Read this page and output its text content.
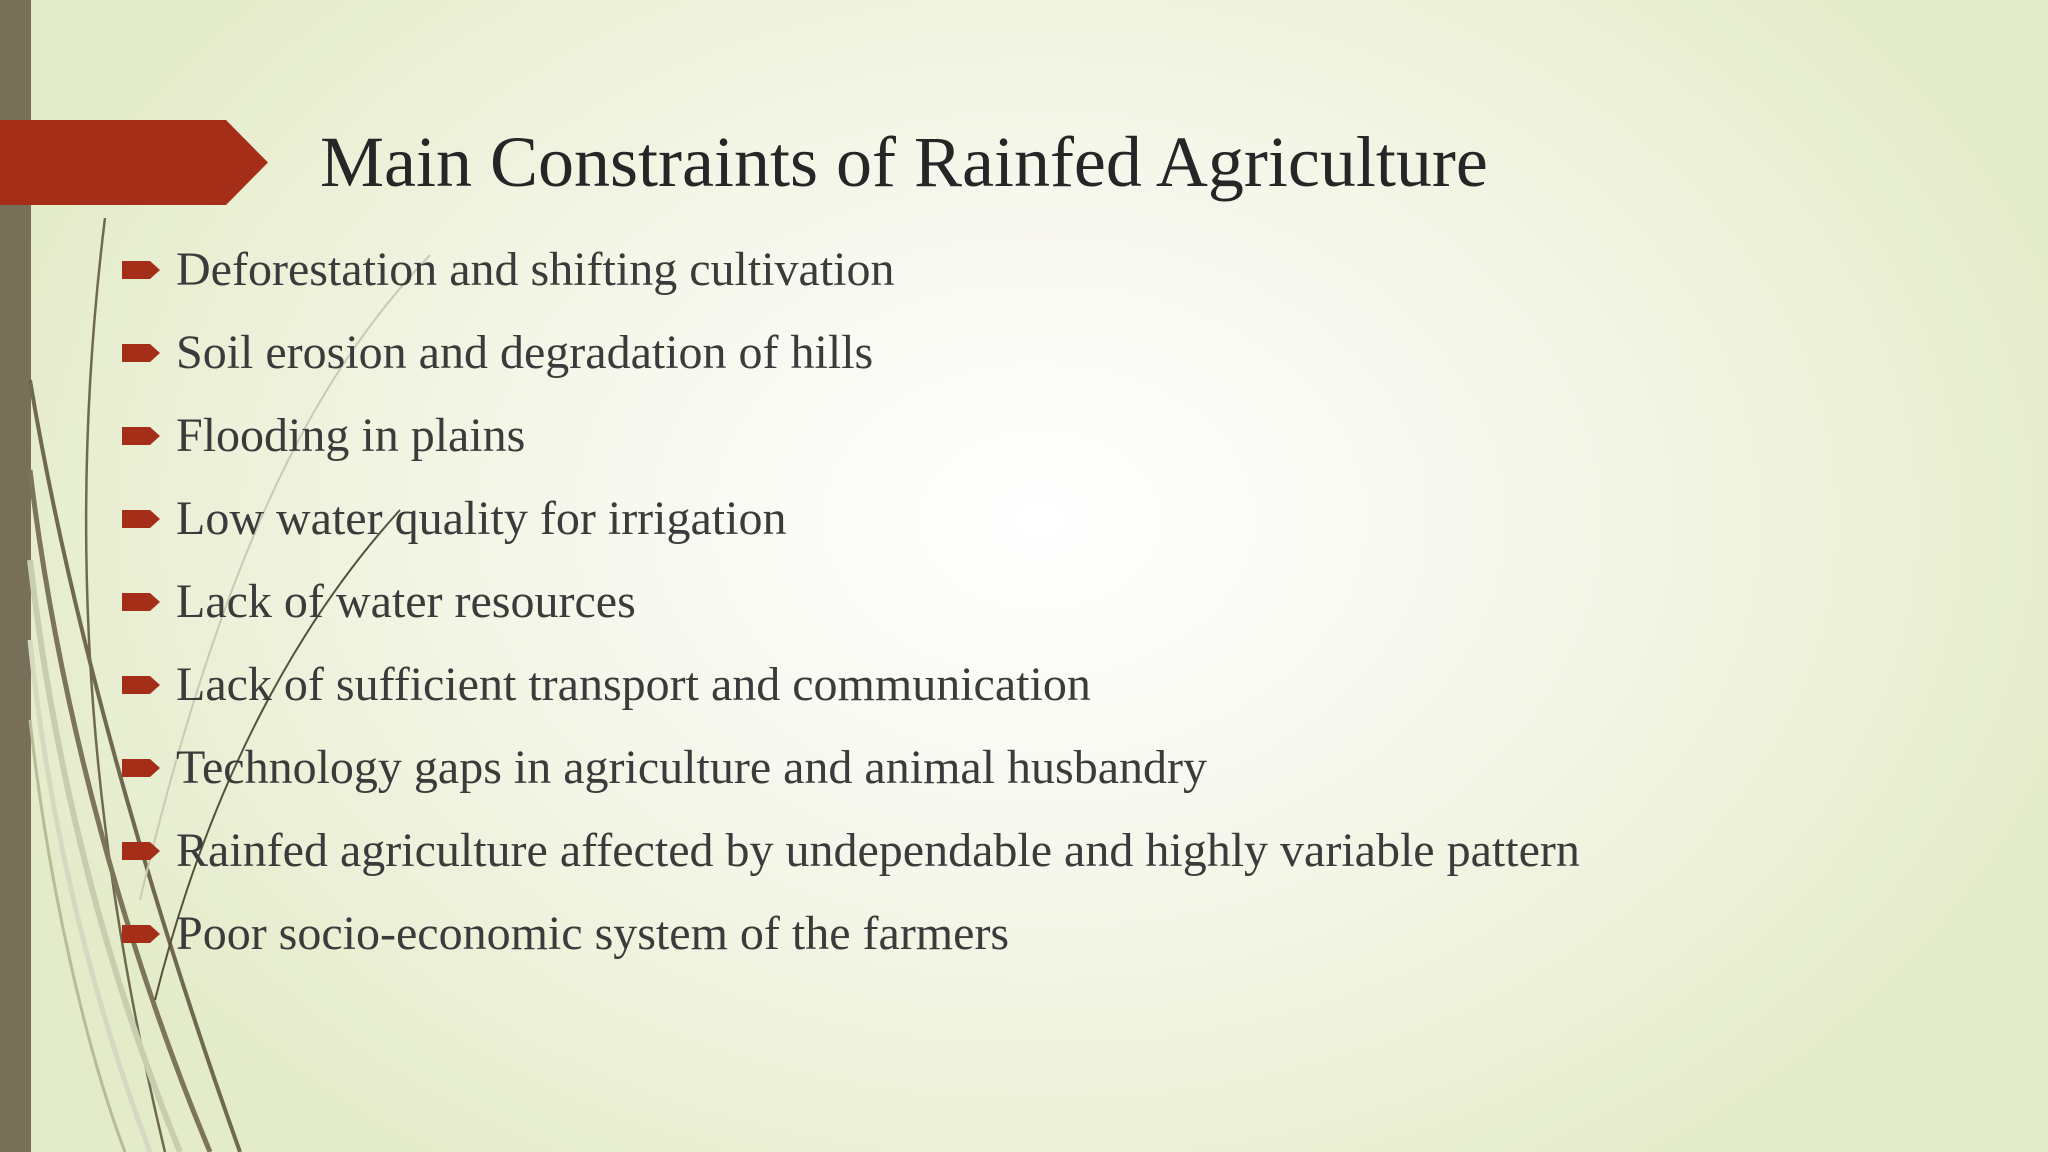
Main Constraints of Rainfed Agriculture
Deforestation and shifting cultivation
Soil erosion and degradation of hills
Flooding in plains
Low water quality for irrigation
Lack of water resources
Lack of sufficient transport and communication
Technology gaps in agriculture and animal husbandry
Rainfed agriculture affected by undependable and highly variable pattern
Poor socio-economic system of the farmers
